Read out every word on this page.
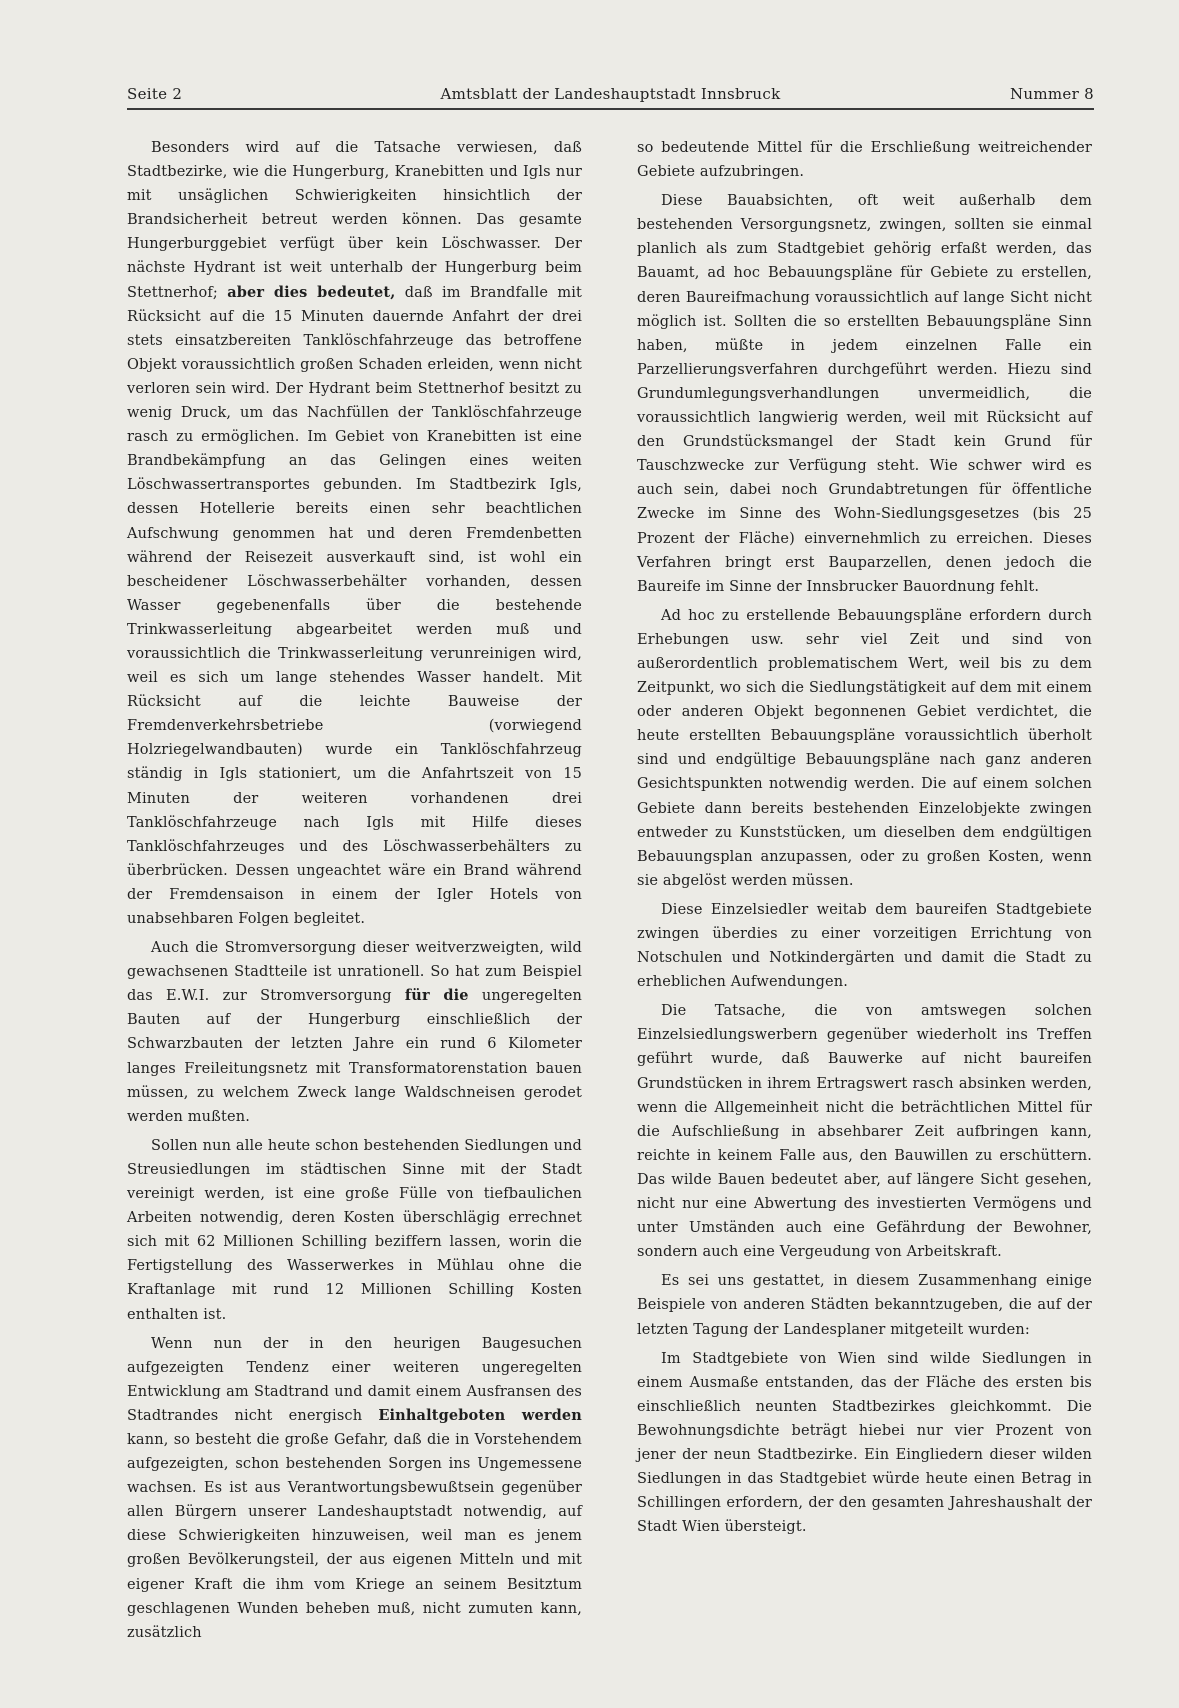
Seite 2	Amtsblatt der Landeshauptstadt Innsbruck	Nummer 8

Besonders wird auf die Tatsache verwiesen, daß Stadtbezirke, wie die Hungerburg, Kranebitten und Igls nur mit unsäglichen Schwierigkeiten hinsichtlich der Brandsicherheit betreut werden können. Das gesamte Hungerburggebiet verfügt über kein Löschwasser. Der nächste Hydrant ist weit unterhalb der Hungerburg beim Stettnerhof; aber dies bedeutet, daß im Brandfalle mit Rücksicht auf die 15 Minuten dauernde Anfahrt der drei stets einsatzbereiten Tanklöschfahrzeuge das betroffene Objekt voraussichtlich großen Schaden erleiden, wenn nicht verloren sein wird. Der Hydrant beim Stettnerhof besitzt zu wenig Druck, um das Nachfüllen der Tanklöschfahrzeuge rasch zu ermöglichen. Im Gebiet von Kranebitten ist eine Brandbekämpfung an das Gelingen eines weiten Löschwassertransportes gebunden. Im Stadtbezirk Igls, dessen Hotellerie bereits einen sehr beachtlichen Aufschwung genommen hat und deren Fremdenbetten während der Reisezeit ausverkauft sind, ist wohl ein bescheidener Löschwasserbehälter vorhanden, dessen Wasser gegebenenfalls über die bestehende Trinkwasserleitung abgearbeitet werden muß und voraussichtlich die Trinkwasserleitung verunreinigen wird, weil es sich um lange stehendes Wasser handelt. Mit Rücksicht auf die leichte Bauweise der Fremdenverkehrsbetriebe (vorwiegend Holzriegelwandbauten) wurde ein Tanklöschfahrzeug ständig in Igls stationiert, um die Anfahrtszeit von 15 Minuten der weiteren vorhandenen drei Tanklöschfahrzeuge nach Igls mit Hilfe dieses Tanklöschfahrzeuges und des Löschwasserbehälters zu überbrücken. Dessen ungeachtet wäre ein Brand während der Fremdensaison in einem der Igler Hotels von unabsehbaren Folgen begleitet.

Auch die Stromversorgung dieser weitverzweigten, wild gewachsenen Stadtteile ist unrationell. So hat zum Beispiel das E.W.I. zur Stromversorgung für die ungeregelten Bauten auf der Hungerburg einschließlich der Schwarzbauten der letzten Jahre ein rund 6 Kilometer langes Freileitungsnetz mit Transformatorenstation bauen müssen, zu welchem Zweck lange Waldschneisen gerodet werden mußten.

Sollen nun alle heute schon bestehenden Siedlungen und Streusiedlungen im städtischen Sinne mit der Stadt vereinigt werden, ist eine große Fülle von tiefbaulichen Arbeiten notwendig, deren Kosten überschlägig errechnet sich mit 62 Millionen Schilling beziffern lassen, worin die Fertigstellung des Wasserwerkes in Mühlau ohne die Kraftanlage mit rund 12 Millionen Schilling Kosten enthalten ist.

Wenn nun der in den heurigen Baugesuchen aufgezeigten Tendenz einer weiteren ungeregelten Entwicklung am Stadtrand und damit einem Ausfransen des Stadtrandes nicht energisch Einhaltgeboten werden kann, so besteht die große Gefahr, daß die in Vorstehendem aufgezeigten, schon bestehenden Sorgen ins Ungemessene wachsen. Es ist aus Verantwortungsbewußtsein gegenüber allen Bürgern unserer Landeshauptstadt notwendig, auf diese Schwierigkeiten hinzuweisen, weil man es jenem großen Bevölkerungsteil, der aus eigenen Mitteln und mit eigener Kraft die ihm vom Kriege an seinem Besitztum geschlagenen Wunden beheben muß, nicht zumuten kann, zusätzlich

so bedeutende Mittel für die Erschließung weitreichender Gebiete aufzubringen.

Diese Bauabsichten, oft weit außerhalb dem bestehenden Versorgungsnetz, zwingen, sollten sie einmal planlich als zum Stadtgebiet gehörig erfaßt werden, das Bauamt, ad hoc Bebauungspläne für Gebiete zu erstellen, deren Baureifmachung voraussichtlich auf lange Sicht nicht möglich ist. Sollten die so erstellten Bebauungspläne Sinn haben, müßte in jedem einzelnen Falle ein Parzellierungsverfahren durchgeführt werden. Hiezu sind Grundumlegungsverhandlungen unvermeidlich, die voraussichtlich langwierig werden, weil mit Rücksicht auf den Grundstücksmangel der Stadt kein Grund für Tauschzwecke zur Verfügung steht. Wie schwer wird es auch sein, dabei noch Grundabtretungen für öffentliche Zwecke im Sinne des Wohn-Siedlungsgesetzes (bis 25 Prozent der Fläche) einvernehmlich zu erreichen. Dieses Verfahren bringt erst Bauparzellen, denen jedoch die Baureife im Sinne der Innsbrucker Bauordnung fehlt.

Ad hoc zu erstellende Bebauungspläne erfordern durch Erhebungen usw. sehr viel Zeit und sind von außerordentlich problematischem Wert, weil bis zu dem Zeitpunkt, wo sich die Siedlungstätigkeit auf dem mit einem oder anderen Objekt begonnenen Gebiet verdichtet, die heute erstellten Bebauungspläne voraussichtlich überholt sind und endgültige Bebauungspläne nach ganz anderen Gesichtspunkten notwendig werden. Die auf einem solchen Gebiete dann bereits bestehenden Einzelobjekte zwingen entweder zu Kunststücken, um dieselben dem endgültigen Bebauungsplan anzupassen, oder zu großen Kosten, wenn sie abgelöst werden müssen.

Diese Einzelsiedler weitab dem baureifen Stadtgebiete zwingen überdies zu einer vorzeitigen Errichtung von Notschulen und Notkindergärten und damit die Stadt zu erheblichen Aufwendungen.

Die Tatsache, die von amtswegen solchen Einzelsiedlungswerbern gegenüber wiederholt ins Treffen geführt wurde, daß Bauwerke auf nicht baureifen Grundstücken in ihrem Ertragswert rasch absinken werden, wenn die Allgemeinheit nicht die beträchtlichen Mittel für die Aufschließung in absehbarer Zeit aufbringen kann, reichte in keinem Falle aus, den Bauwillen zu erschüttern. Das wilde Bauen bedeutet aber, auf längere Sicht gesehen, nicht nur eine Abwertung des investierten Vermögens und unter Umständen auch eine Gefährdung der Bewohner, sondern auch eine Vergeudung von Arbeitskraft.

Es sei uns gestattet, in diesem Zusammenhang einige Beispiele von anderen Städten bekanntzugeben, die auf der letzten Tagung der Landesplaner mitgeteilt wurden:

Im Stadtgebiete von Wien sind wilde Siedlungen in einem Ausmaße entstanden, das der Fläche des ersten bis einschließlich neunten Stadtbezirkes gleichkommt. Die Bewohnungsdichte beträgt hiebei nur vier Prozent von jener der neun Stadtbezirke. Ein Eingliedern dieser wilden Siedlungen in das Stadtgebiet würde heute einen Betrag in Schillingen erfordern, der den gesamten Jahreshaushalt der Stadt Wien übersteigt.
